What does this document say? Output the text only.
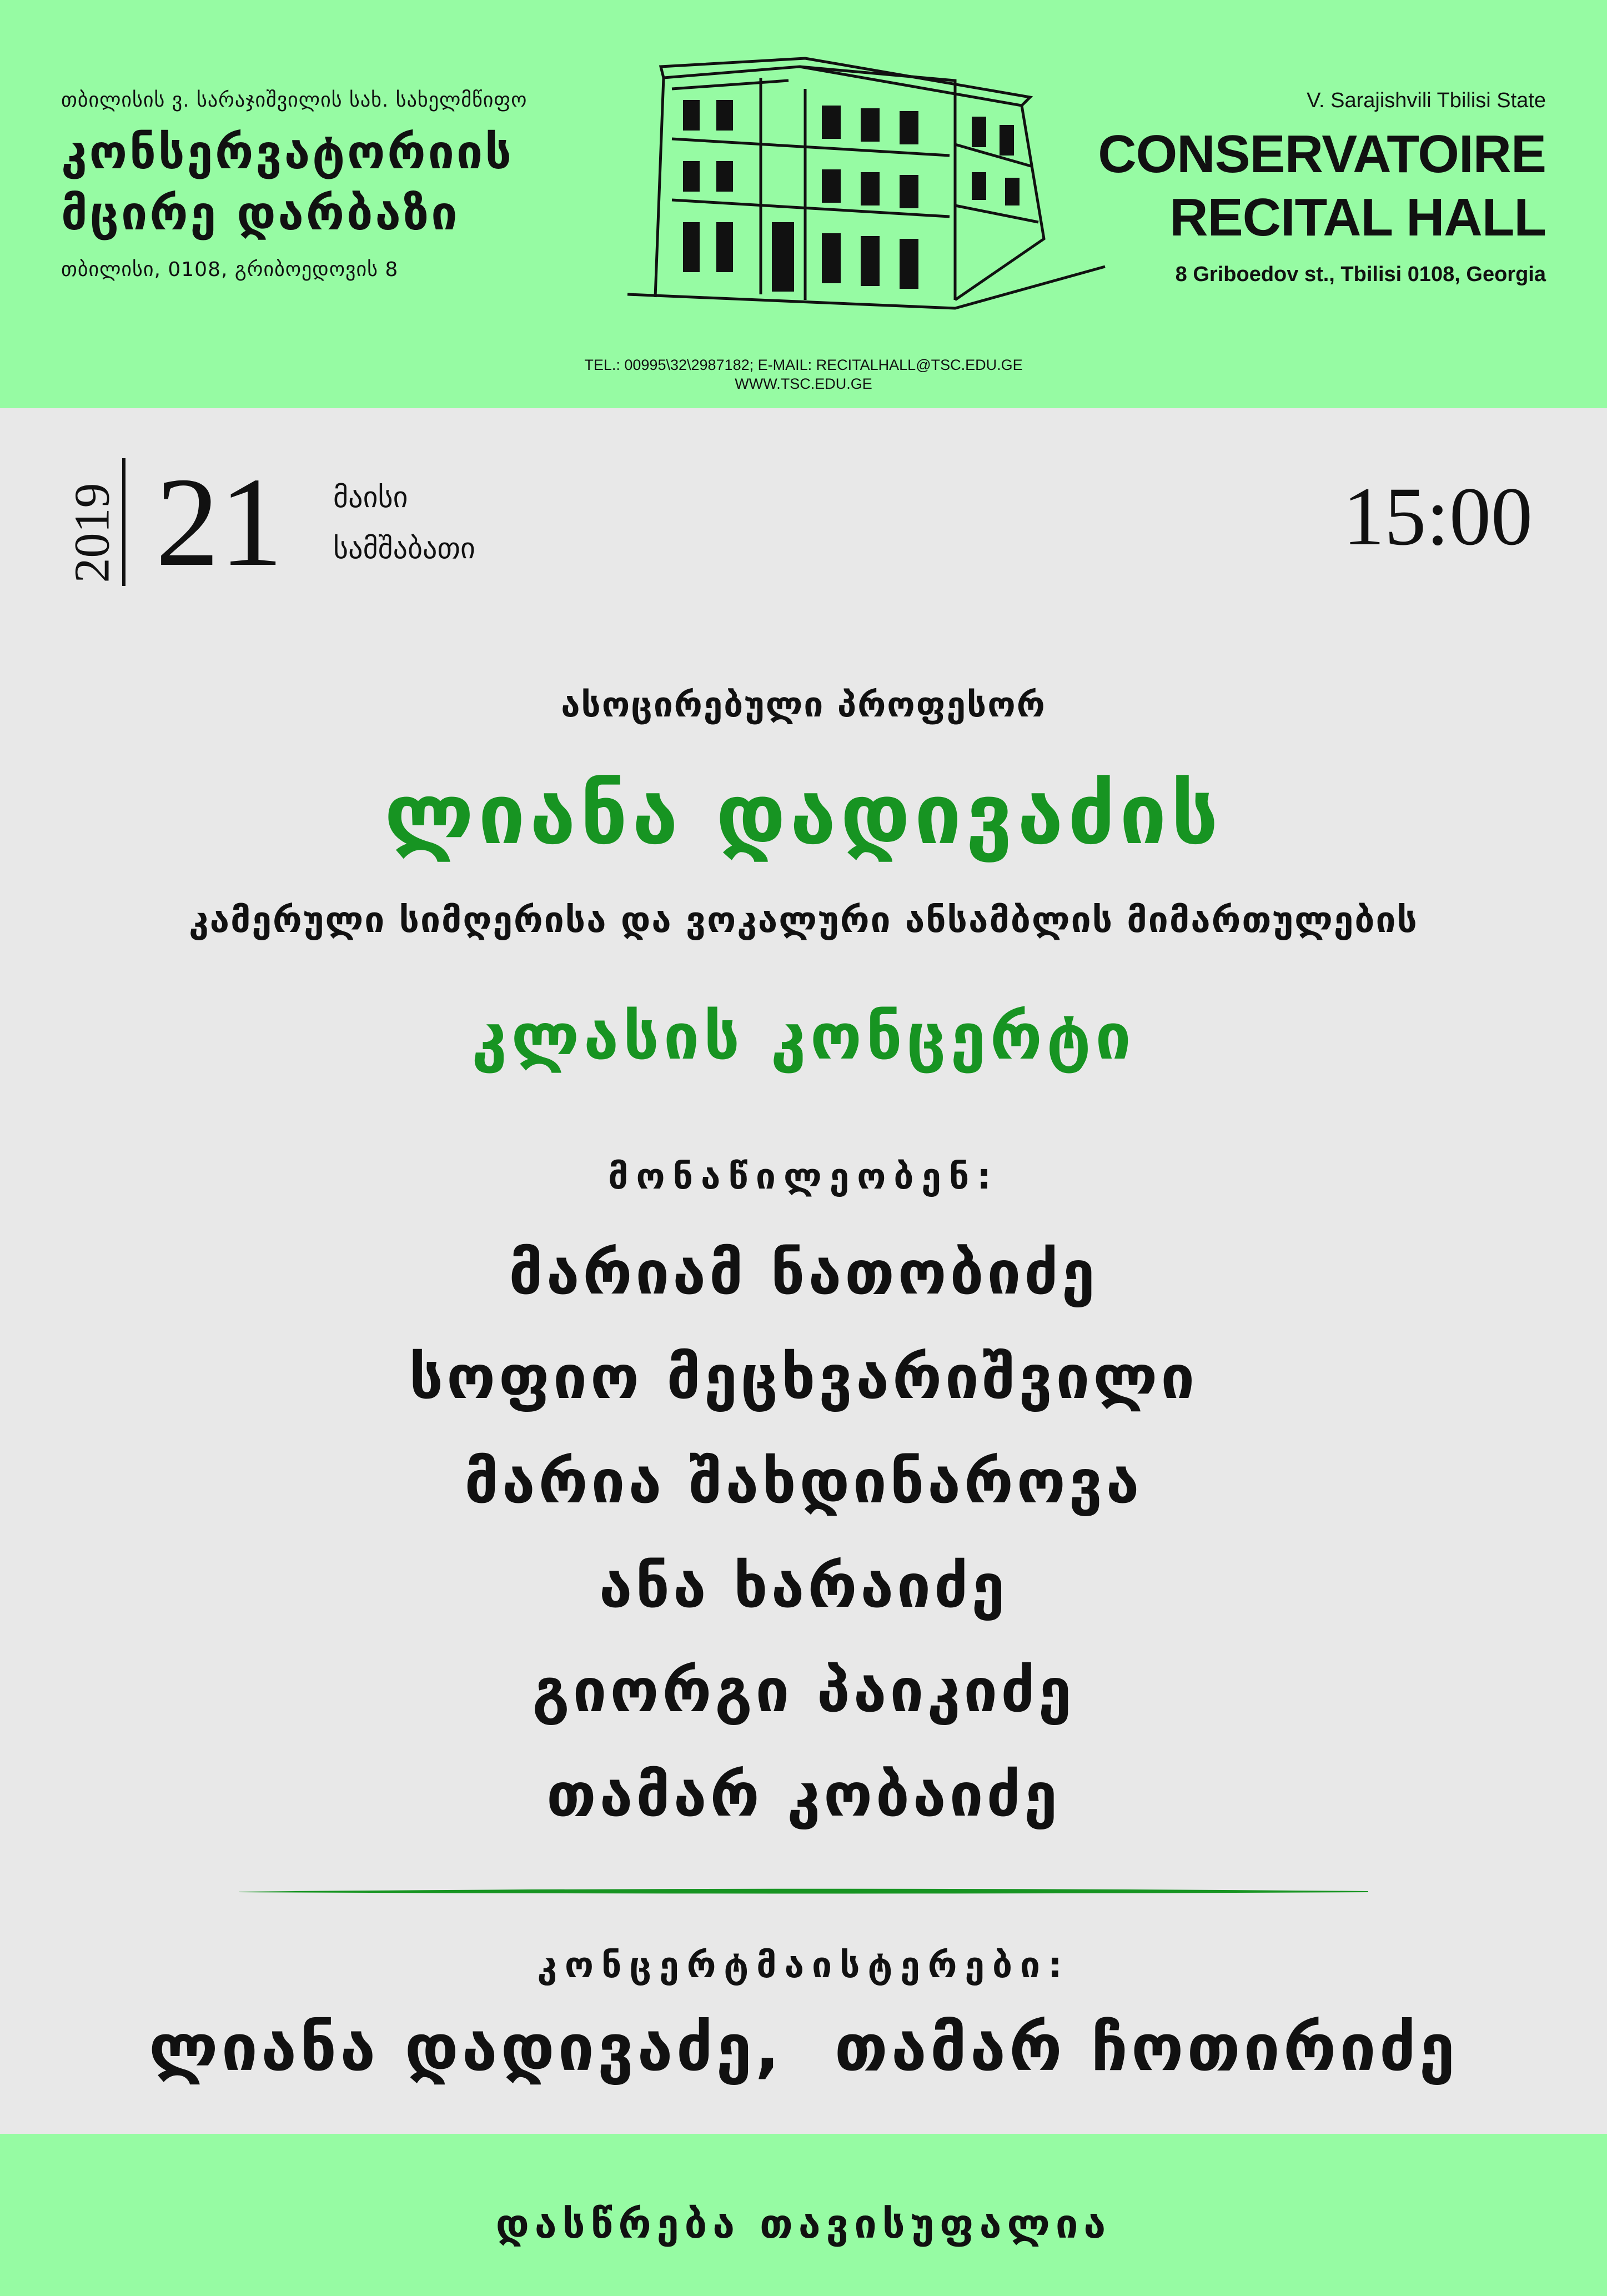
თბილისის ვ. სარაჯიშვილის სახ. სახელმწიფო
კონსერვატორიის
მცირე დარბაზი
თბილისი, 0108, გრიბოედოვის 8
V. Sarajishvili Tbilisi State
CONSERVATOIRE
RECITAL HALL
8 Griboedov st., Tbilisi 0108, Georgia
TEL.: 00995\32\2987182; E-MAIL: RECITALHALL@TSC.EDU.GE
WWW.TSC.EDU.GE
2019 21 მაისი
სამშაბათი	15:00
ასოცირებული პროფესორ
ლიანა დადივაძის
კამერული სიმღერისა და ვოკალური ანსამბლის მიმართულების
კლასის კონცერტი
მონაწილეობენ:
მარიამ ნათობიძე
სოფიო მეცხვარიშვილი
მარია შახდინაროვა
ანა ხარაიძე
გიორგი პაიკიძე
თამარ კობაიძე
კონცერტმაისტერები:
ლიანა დადივაძე,  თამარ ჩოთირიძე
დასწრება თავისუფალია
